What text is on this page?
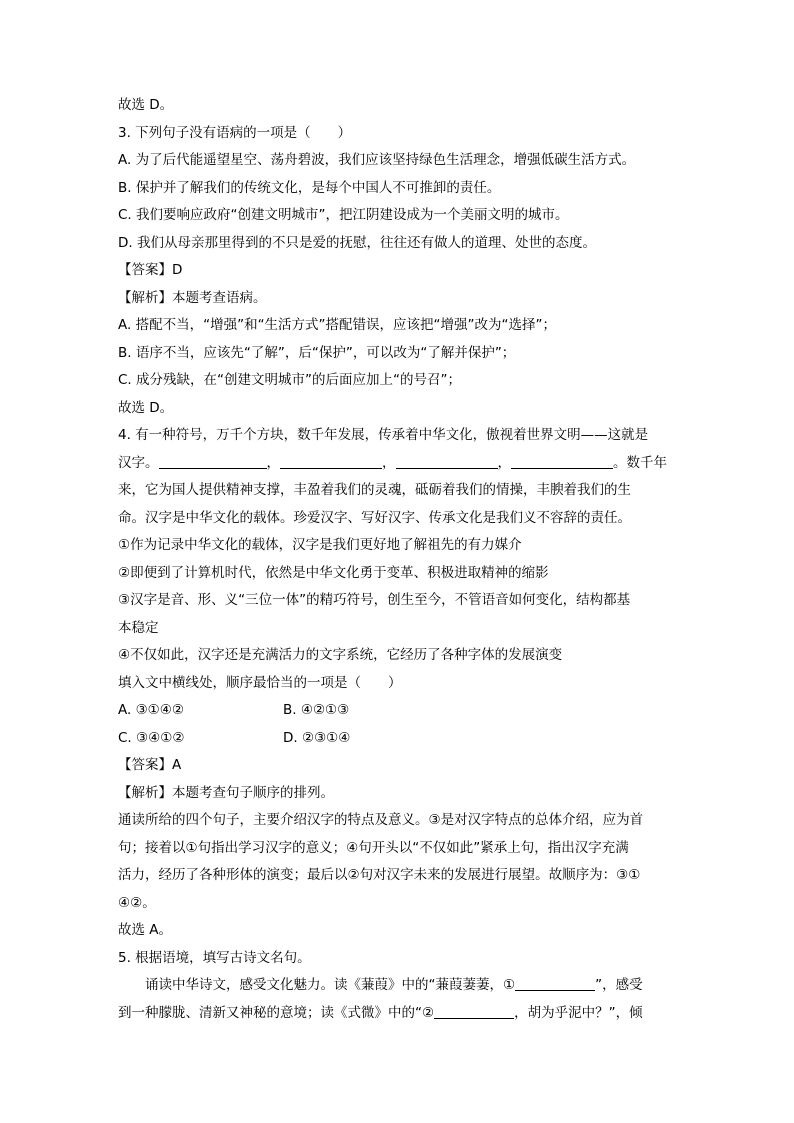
故选 D。

3. 下列句子没有语病的一项是（　　）

A. 为了后代能遥望星空、荡舟碧波，我们应该坚持绿色生活理念，增强低碳生活方式。

B. 保护并了解我们的传统文化，是每个中国人不可推卸的责任。

C. 我们要响应政府“创建文明城市”，把江阴建设成为一个美丽文明的城市。

D. 我们从母亲那里得到的不只是爱的抚慰，往往还有做人的道理、处世的态度。

【答案】D

【解析】本题考查语病。

A. 搭配不当，“增强”和“生活方式”搭配错误，应该把“增强”改为“选择”；

B. 语序不当，应该先“了解”，后“保护”，可以改为“了解并保护”；

C. 成分残缺，在“创建文明城市”的后面应加上“的号召”；

故选 D。

4. 有一种符号，万千个方块，数千年发展，传承着中华文化，傲视着世界文明——这就是

汉字。	，	，	，	。数千年

来，它为国人提供精神支撑，丰盈着我们的灵魂，砥砺着我们的情操，丰腴着我们的生

命。汉字是中华文化的载体。珍爱汉字、写好汉字、传承文化是我们义不容辞的责任。

①作为记录中华文化的载体，汉字是我们更好地了解祖先的有力媒介

②即便到了计算机时代，依然是中华文化勇于变革、积极进取精神的缩影

③汉字是音、形、义“三位一体”的精巧符号，创生至今，不管语音如何变化，结构都基

本稳定

④不仅如此，汉字还是充满活力的文字系统，它经历了各种字体的发展演变

填入文中横线处，顺序最恰当的一项是（　　）

A. ③①④②	B. ④②①③
C. ③④①②	D. ②③①④

【答案】A

【解析】本题考查句子顺序的排列。

通读所给的四个句子，主要介绍汉字的特点及意义。③是对汉字特点的总体介绍，应为首

句；接着以①句指出学习汉字的意义；④句开头以“不仅如此”紧承上句，指出汉字充满

活力，经历了各种形体的演变；最后以②句对汉字未来的发展进行展望。故顺序为：③①

④②。

故选 A。

5. 根据语境，填写古诗文名句。

诵读中华诗文，感受文化魅力。读《蒹葭》中的“蒹葭萋萋，①	”，感受

到一种朦胧、清新又神秘的意境；读《式微》中的“②	，胡为乎泥中？”，倾
